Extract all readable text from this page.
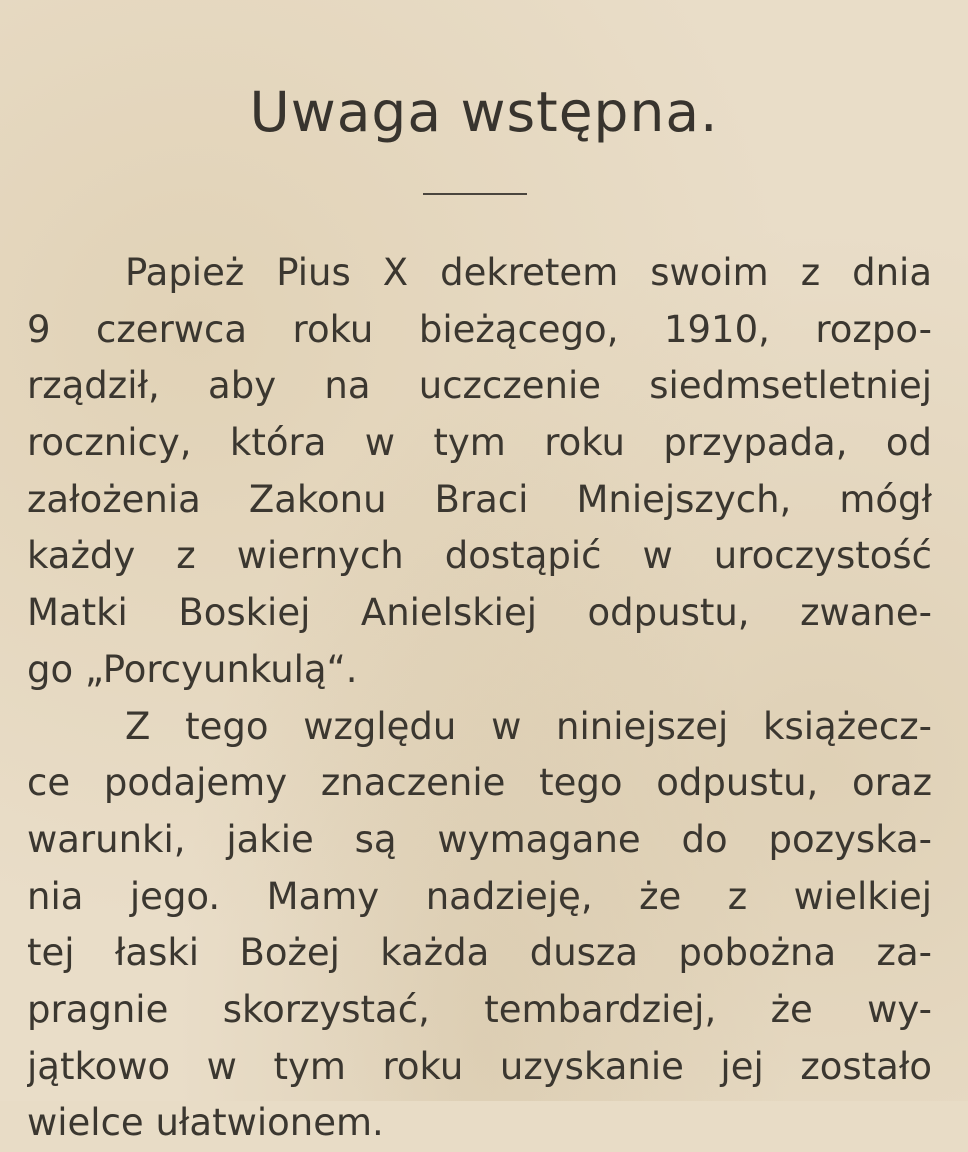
Uwaga wstępna.
Papież Pius X dekretem swoim z dnia
9 czerwca roku bieżącego, 1910, rozpo-
rządził, aby na uczczenie siedmsetletniej
rocznicy, która w tym roku przypada, od
założenia Zakonu Braci Mniejszych, mógł
każdy z wiernych dostąpić w uroczystość
Matki Boskiej Anielskiej odpustu, zwane-
go „Porcyunkulą“.
Z tego względu w niniejszej książecz-
ce podajemy znaczenie tego odpustu, oraz
warunki, jakie są wymagane do pozyska-
nia jego. Mamy nadzieję, że z wielkiej
tej łaski Bożej każda dusza pobożna za-
pragnie skorzystać, tembardziej, że wy-
jątkowo w tym roku uzyskanie jej zostało
wielce ułatwionem.
